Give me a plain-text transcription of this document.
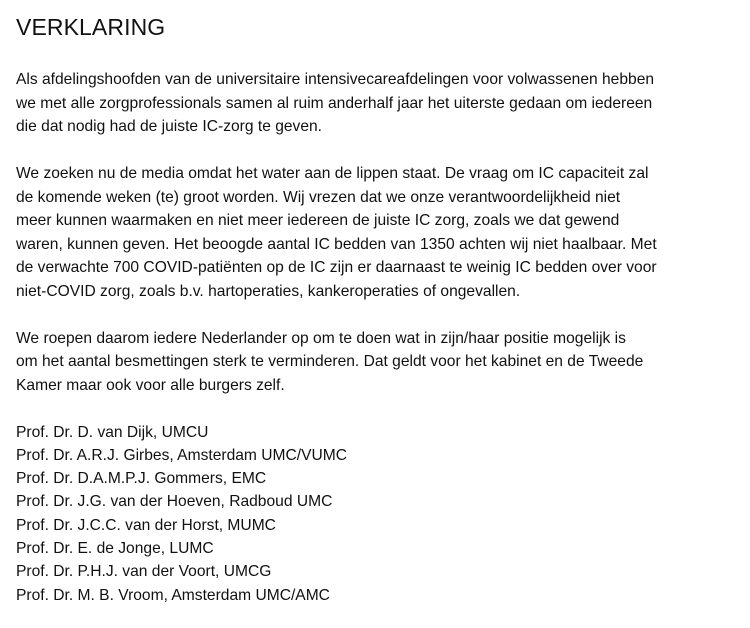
VERKLARING

Als afdelingshoofden van de universitaire intensivecareafdelingen voor volwassenen hebben
we met alle zorgprofessionals samen al ruim anderhalf jaar het uiterste gedaan om iedereen
die dat nodig had de juiste IC-zorg te geven.

We zoeken nu de media omdat het water aan de lippen staat. De vraag om IC capaciteit zal
de komende weken (te) groot worden. Wij vrezen dat we onze verantwoordelijkheid niet
meer kunnen waarmaken en niet meer iedereen de juiste IC zorg, zoals we dat gewend
waren, kunnen geven. Het beoogde aantal IC bedden van 1350 achten wij niet haalbaar. Met
de verwachte 700 COVID-patiënten op de IC zijn er daarnaast te weinig IC bedden over voor
niet-COVID zorg, zoals b.v. hartoperaties, kankeroperaties of ongevallen.

We roepen daarom iedere Nederlander op om te doen wat in zijn/haar positie mogelijk is
om het aantal besmettingen sterk te verminderen. Dat geldt voor het kabinet en de Tweede
Kamer maar ook voor alle burgers zelf.

Prof. Dr. D. van Dijk, UMCU
Prof. Dr. A.R.J. Girbes, Amsterdam UMC/VUMC
Prof. Dr. D.A.M.P.J. Gommers, EMC
Prof. Dr. J.G. van der Hoeven, Radboud UMC
Prof. Dr. J.C.C. van der Horst, MUMC
Prof. Dr. E. de Jonge, LUMC
Prof. Dr. P.H.J. van der Voort, UMCG
Prof. Dr. M. B. Vroom, Amsterdam UMC/AMC
